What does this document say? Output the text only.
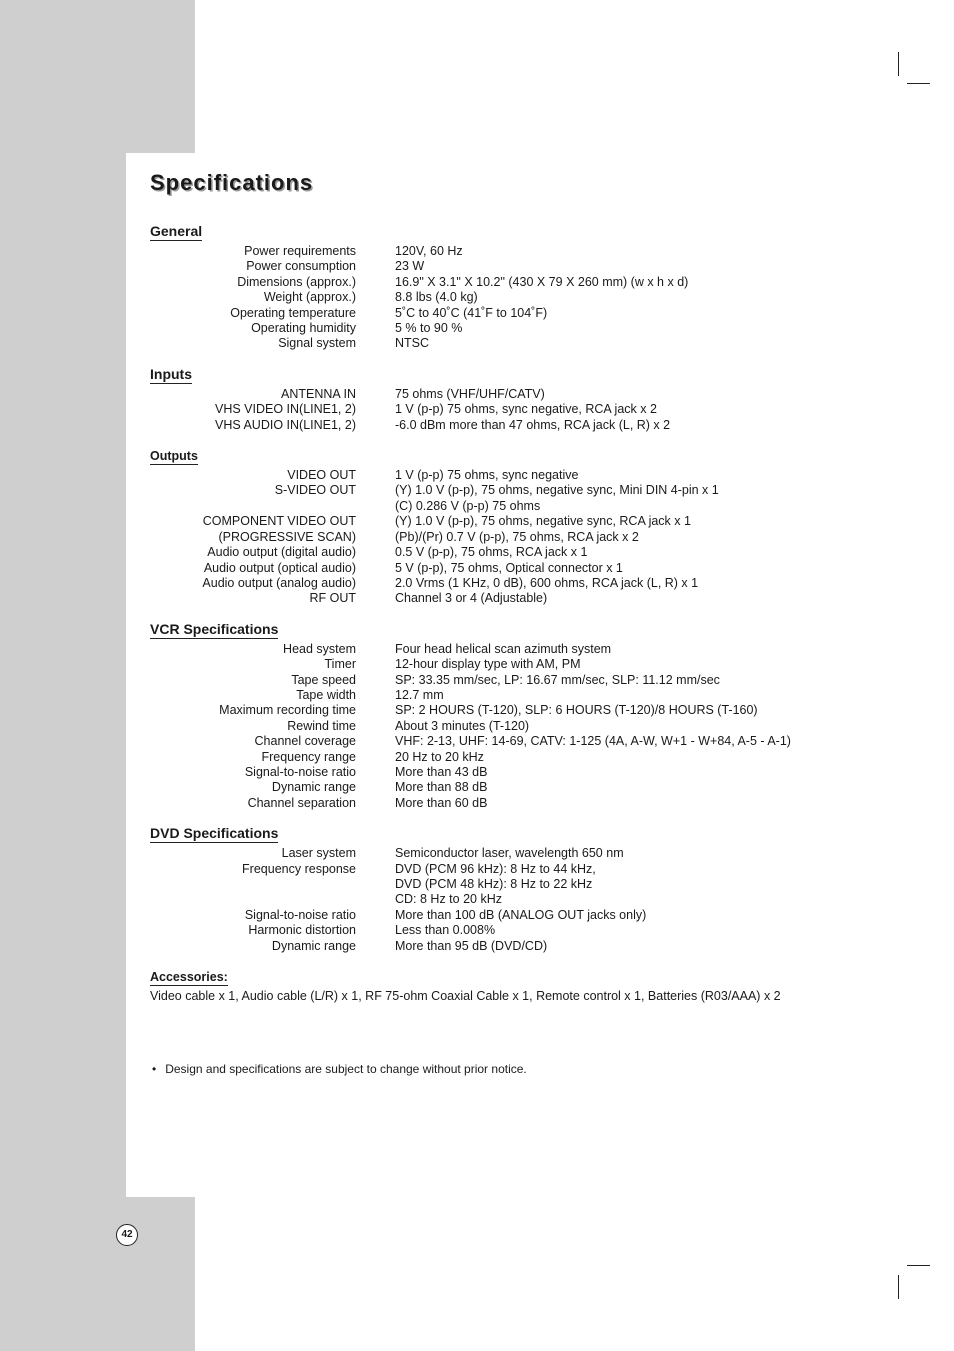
Specifications
General
Power requirements	120V, 60 Hz
Power consumption	23 W
Dimensions (approx.)	16.9" X 3.1" X 10.2" (430 X 79 X 260 mm) (w x h x d)
Weight (approx.)	8.8 lbs (4.0 kg)
Operating temperature	5˚C to 40˚C (41˚F to 104˚F)
Operating humidity	5 % to 90 %
Signal system	NTSC
Inputs
ANTENNA IN	75 ohms (VHF/UHF/CATV)
VHS VIDEO IN(LINE1, 2)	1 V (p-p) 75 ohms, sync negative, RCA jack x 2
VHS AUDIO IN(LINE1, 2)	-6.0 dBm more than 47 ohms, RCA jack (L, R) x 2
Outputs
VIDEO OUT	1 V (p-p) 75 ohms, sync negative
S-VIDEO OUT	(Y) 1.0 V (p-p), 75 ohms, negative sync, Mini DIN 4-pin x 1
(C) 0.286 V (p-p) 75 ohms
COMPONENT VIDEO OUT	(Y) 1.0 V (p-p), 75 ohms, negative sync, RCA jack x 1
(PROGRESSIVE SCAN)	(Pb)/(Pr) 0.7 V (p-p), 75 ohms, RCA jack x 2
Audio output (digital audio)	0.5 V (p-p), 75 ohms, RCA jack x 1
Audio output (optical audio)	5 V (p-p), 75 ohms, Optical connector x 1
Audio output (analog audio)	2.0 Vrms (1 KHz, 0 dB), 600 ohms, RCA jack (L, R) x 1
RF OUT	Channel 3 or 4 (Adjustable)
VCR Specifications
Head system	Four head helical scan azimuth system
Timer	12-hour display type with AM, PM
Tape speed	SP: 33.35 mm/sec, LP: 16.67 mm/sec, SLP: 11.12 mm/sec
Tape width	12.7 mm
Maximum recording time	SP: 2 HOURS (T-120), SLP: 6 HOURS (T-120)/8 HOURS (T-160)
Rewind time	About 3 minutes (T-120)
Channel coverage	VHF: 2-13, UHF: 14-69, CATV: 1-125 (4A, A-W, W+1 - W+84, A-5 - A-1)
Frequency range	20 Hz to 20 kHz
Signal-to-noise ratio	More than 43 dB
Dynamic range	More than 88 dB
Channel separation	More than 60 dB
DVD Specifications
Laser system	Semiconductor laser, wavelength 650 nm
Frequency response	DVD (PCM 96 kHz): 8 Hz to 44 kHz,
DVD (PCM 48 kHz): 8 Hz to 22 kHz
CD: 8 Hz to 20 kHz
Signal-to-noise ratio	More than 100 dB (ANALOG OUT jacks only)
Harmonic distortion	Less than 0.008%
Dynamic range	More than 95 dB (DVD/CD)
Accessories:
Video cable x 1, Audio cable (L/R) x 1, RF 75-ohm Coaxial Cable x 1, Remote control x 1, Batteries (R03/AAA) x 2
• Design and specifications are subject to change without prior notice.
42
